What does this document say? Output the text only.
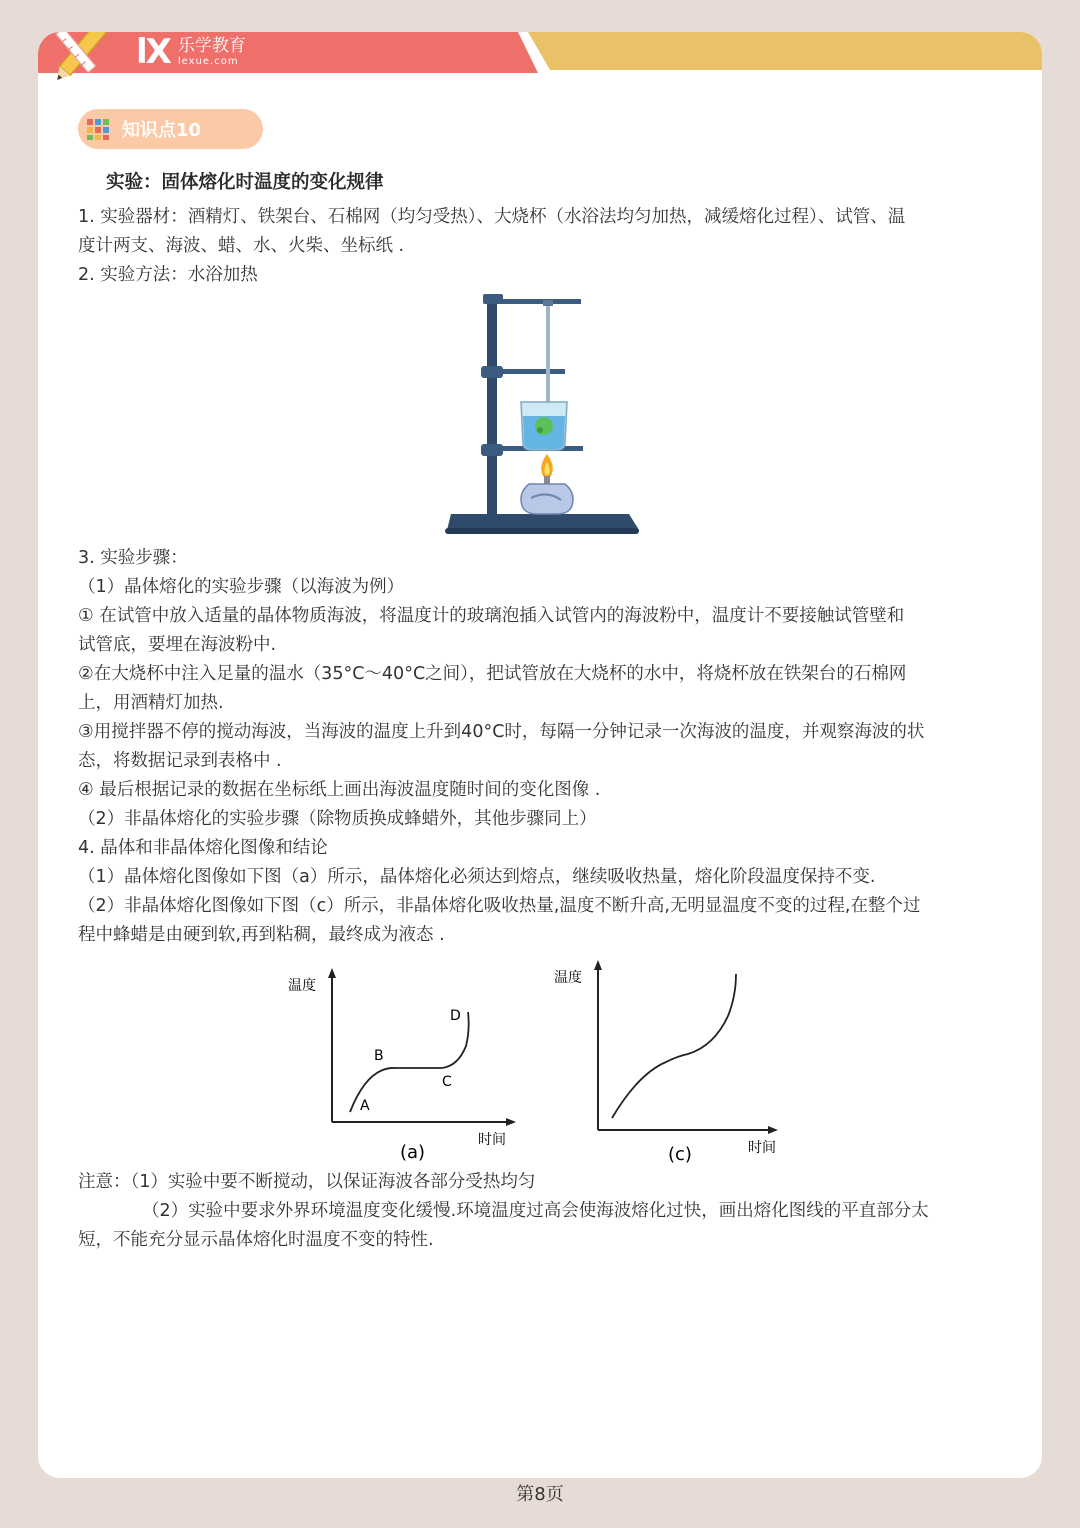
lX 乐学教育
lexue.com
知识点10
实验：固体熔化时温度的变化规律
1. 实验器材：酒精灯、铁架台、石棉网（均匀受热）、大烧杯（水浴法均匀加热，减缓熔化过程）、试管、温
度计两支、海波、蜡、水、火柴、坐标纸 .
2. 实验方法：水浴加热
3. 实验步骤：
（1）晶体熔化的实验步骤（以海波为例）
① 在试管中放入适量的晶体物质海波，将温度计的玻璃泡插入试管内的海波粉中，温度计不要接触试管壁和
试管底，要埋在海波粉中.
②在大烧杯中注入足量的温水（35°C～40°C之间），把试管放在大烧杯的水中，将烧杯放在铁架台的石棉网
上，用酒精灯加热.
③用搅拌器不停的搅动海波，当海波的温度上升到40°C时，每隔一分钟记录一次海波的温度，并观察海波的状
态，将数据记录到表格中 .
④ 最后根据记录的数据在坐标纸上画出海波温度随时间的变化图像 .
（2）非晶体熔化的实验步骤（除物质换成蜂蜡外，其他步骤同上）
4. 晶体和非晶体熔化图像和结论
（1）晶体熔化图像如下图（a）所示，晶体熔化必须达到熔点，继续吸收热量，熔化阶段温度保持不变.
（2）非晶体熔化图像如下图（c）所示，非晶体熔化吸收热量,温度不断升高,无明显温度不变的过程,在整个过
程中蜂蜡是由硬到软,再到粘稠，最终成为液态 .
温度
时间
(a)
A
B
C
D
温度
时间
(c)
注意：（1）实验中要不断搅动，以保证海波各部分受热均匀
（2）实验中要求外界环境温度变化缓慢.环境温度过高会使海波熔化过快，画出熔化图线的平直部分太
短，不能充分显示晶体熔化时温度不变的特性.
第8页
